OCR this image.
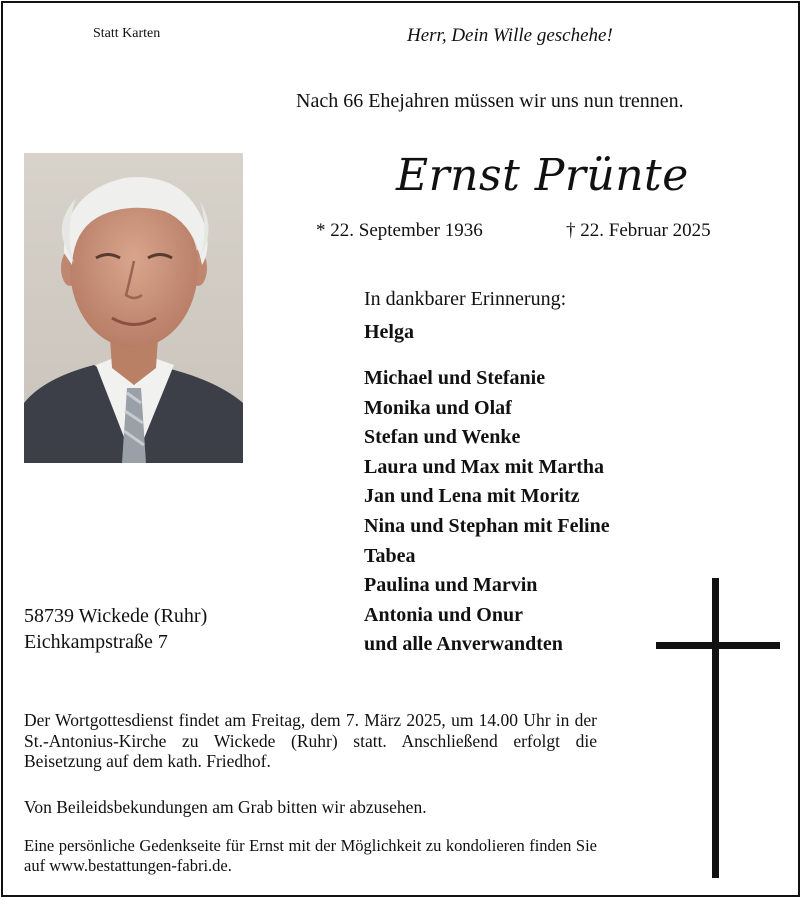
Statt Karten	Herr, Dein Wille geschehe!
Nach 66 Ehejahren müssen wir uns nun trennen.
Ernst Prünte
* 22. September 1936	† 22. Februar 2025
In dankbarer Erinnerung:
Helga
Michael und Stefanie
Monika und Olaf
Stefan und Wenke
Laura und Max mit Martha
Jan und Lena mit Moritz
Nina und Stephan mit Feline
Tabea
Paulina und Marvin
Antonia und Onur
und alle Anverwandten
58739 Wickede (Ruhr)
Eichkampstraße 7
Der Wortgottesdienst findet am Freitag, dem 7. März 2025, um 14.00 Uhr in der St.-Antonius-Kirche zu Wickede (Ruhr) statt. Anschließend erfolgt die Beisetzung auf dem kath. Friedhof.
Von Beileidsbekundungen am Grab bitten wir abzusehen.
Eine persönliche Gedenkseite für Ernst mit der Möglichkeit zu kondolieren finden Sie auf www.bestattungen-fabri.de.
